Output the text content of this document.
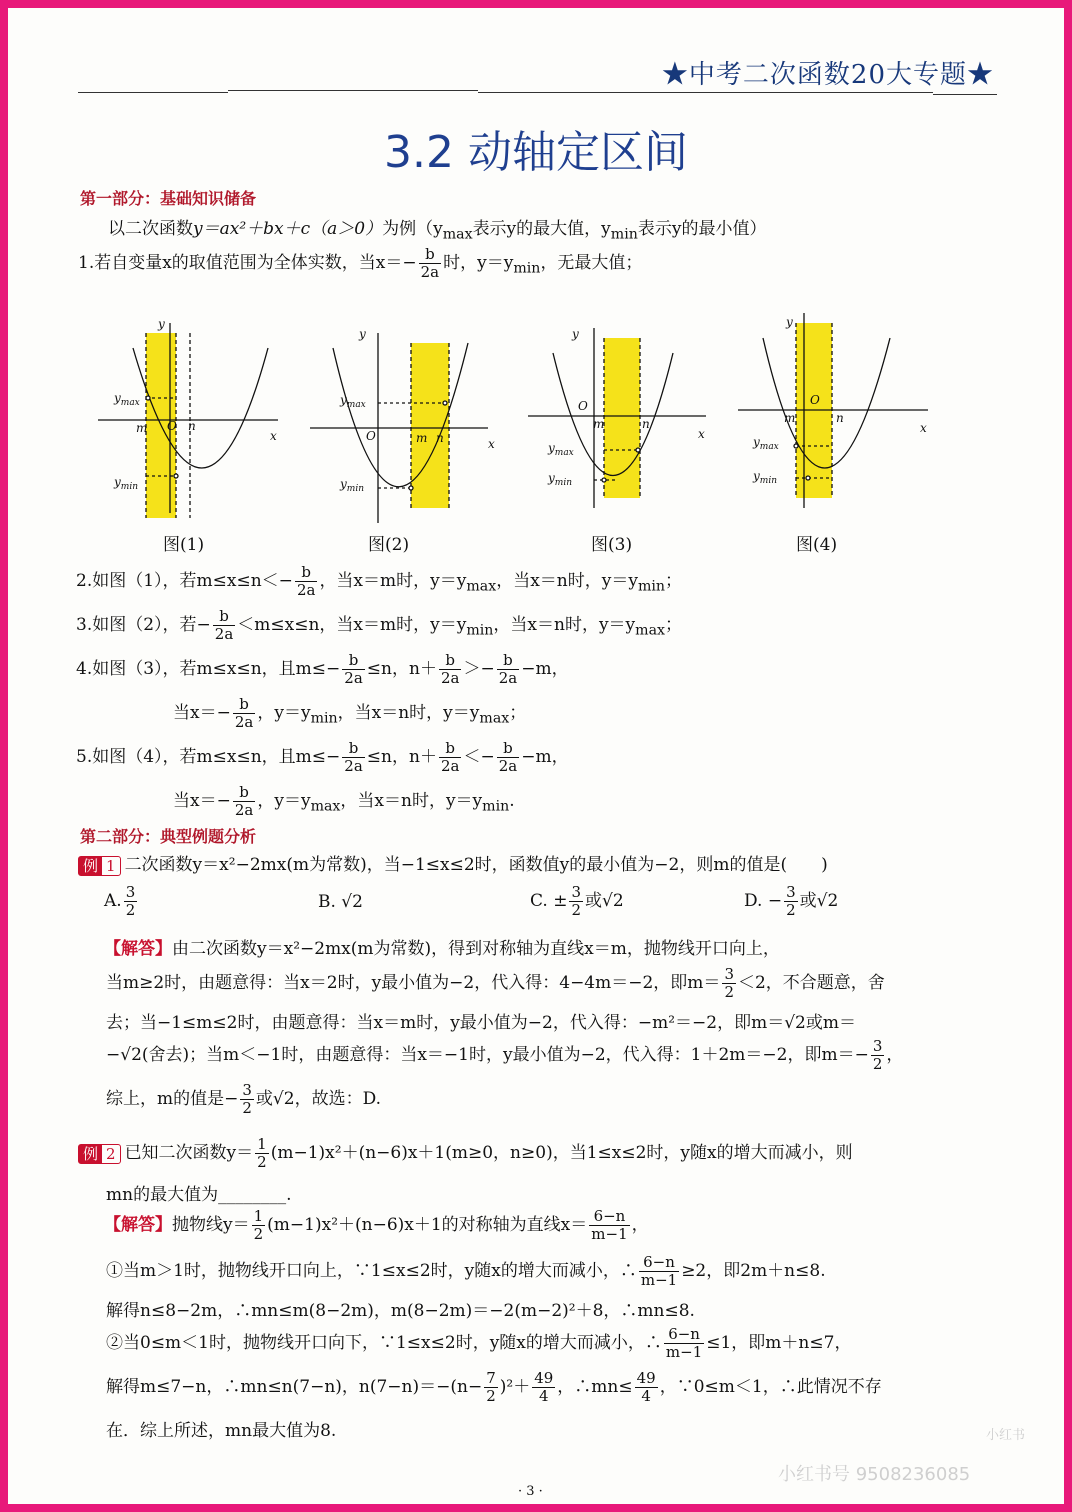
★中考二次函数20大专题★
3.2 动轴定区间
第一部分：基础知识储备
以二次函数y＝ax²＋bx＋c（a＞0）为例（$y_{max}$表示y的最大值，$y_{min}$表示y的最小值）
1.若自变量x的取值范围为全体实数，当$x=- \frac{b}{2a}$ 时，$y=y_{min}$，无最大值；
y
x
O
m	n
$y_{max}$
$y_{min}$
y
x
O	m n
$y_{max}$
$y_{min}$
y
x
O
m	n
$y_{max}$
$y_{min}$
y
x
O
m	n
$y_{max}$
$y_{min}$
图(1)	图(2)	图(3)	图(4)
2.如图（1），若$m\le x\le n<- \frac{b}{2a}$ ，当x＝m时，$y=y_{max}$，当x＝n时，$y=y_{min}$；
3.如图（2），若− $\frac{b}{2a} <m\le x\le n$，当x＝m时，$y=y_{min}$，当x＝n时，$y=y_{max}$；
4.如图（3），若m≤x≤n，且$m\le- \frac{b}{2a} \le n$，$n+ \frac{b}{2a} >- \frac{b}{2a} -m$，
当$x=- \frac{b}{2a}$ ，$y=y_{min}$，当x＝n时，$y=y_{max}$；
5.如图（4），若m≤x≤n，且$m\le- \frac{b}{2a} \le n$，$n+ \frac{b}{2a} <- \frac{b}{2a} -m$，
当$x=- \frac{b}{2a}$ ，$y=y_{max}$，当x＝n时，$y=y_{min}$.
第二部分：典型例题分析
例 1 二次函数y＝x²−2mx(m为常数)，当−1≤x≤2时，函数值y的最小值为−2，则m的值是(　　)
A. $\frac{3}{2}$	B. √2	C. ± $\frac{3}{2}$ 或√2	D. − $\frac{3}{2}$ 或√2
【解答】由二次函数y＝x²−2mx(m为常数)，得到对称轴为直线x＝m，抛物线开口向上，
当m≥2时，由题意得：当x＝2时，y最小值为−2，代入得：4−4m＝−2，即$m= \frac{3}{2} <2$，不合题意，舍
去；当−1≤m≤2时，由题意得：当x＝m时，y最小值为−2，代入得：−m²＝−2，即m＝√2或m＝
−√2(舍去)；当m＜−1时，由题意得：当x＝−1时，y最小值为−2，代入得：1＋2m＝−2，即$m=- \frac{3}{2}$ ，
综上，m的值是− $\frac{3}{2}$ 或√2，故选：D.
例 2 已知二次函数$y= \frac{1}{2} (m-1)x^2+(n-6)x+1(m\ge 0$，n≥0)，当1≤x≤2时，y随x的增大而减小，则
mn的最大值为________.
【解答】抛物线$y= \frac{1}{2} (m-1)x^2+(n-6)x+1$的对称轴为直线$x= \frac{6-n}{m-1}$ ，
①当m＞1时，抛物线开口向上，∵1≤x≤2时，y随x的增大而减小，∴ $\frac{6-n}{m-1} \ge 2$，即2m＋n≤8.
解得n≤8−2m，∴mn≤m(8−2m)，m(8−2m)＝−2(m−2)²＋8，∴mn≤8.
②当0≤m＜1时，抛物线开口向下，∵1≤x≤2时，y随x的增大而减小，∴ $\frac{6-n}{m-1} \le 1$，即m＋n≤7，
解得m≤7−n，∴mn≤n(7−n)，$n(7-n)=-(n- \frac{7}{2} )^2+ \frac{49}{4}$ ，∴mn≤ $\frac{49}{4}$ ，∵0≤m＜1，∴此情况不存
在．综上所述，mn最大值为8.	小红书
小红书号 9508236085
· 3 ·
